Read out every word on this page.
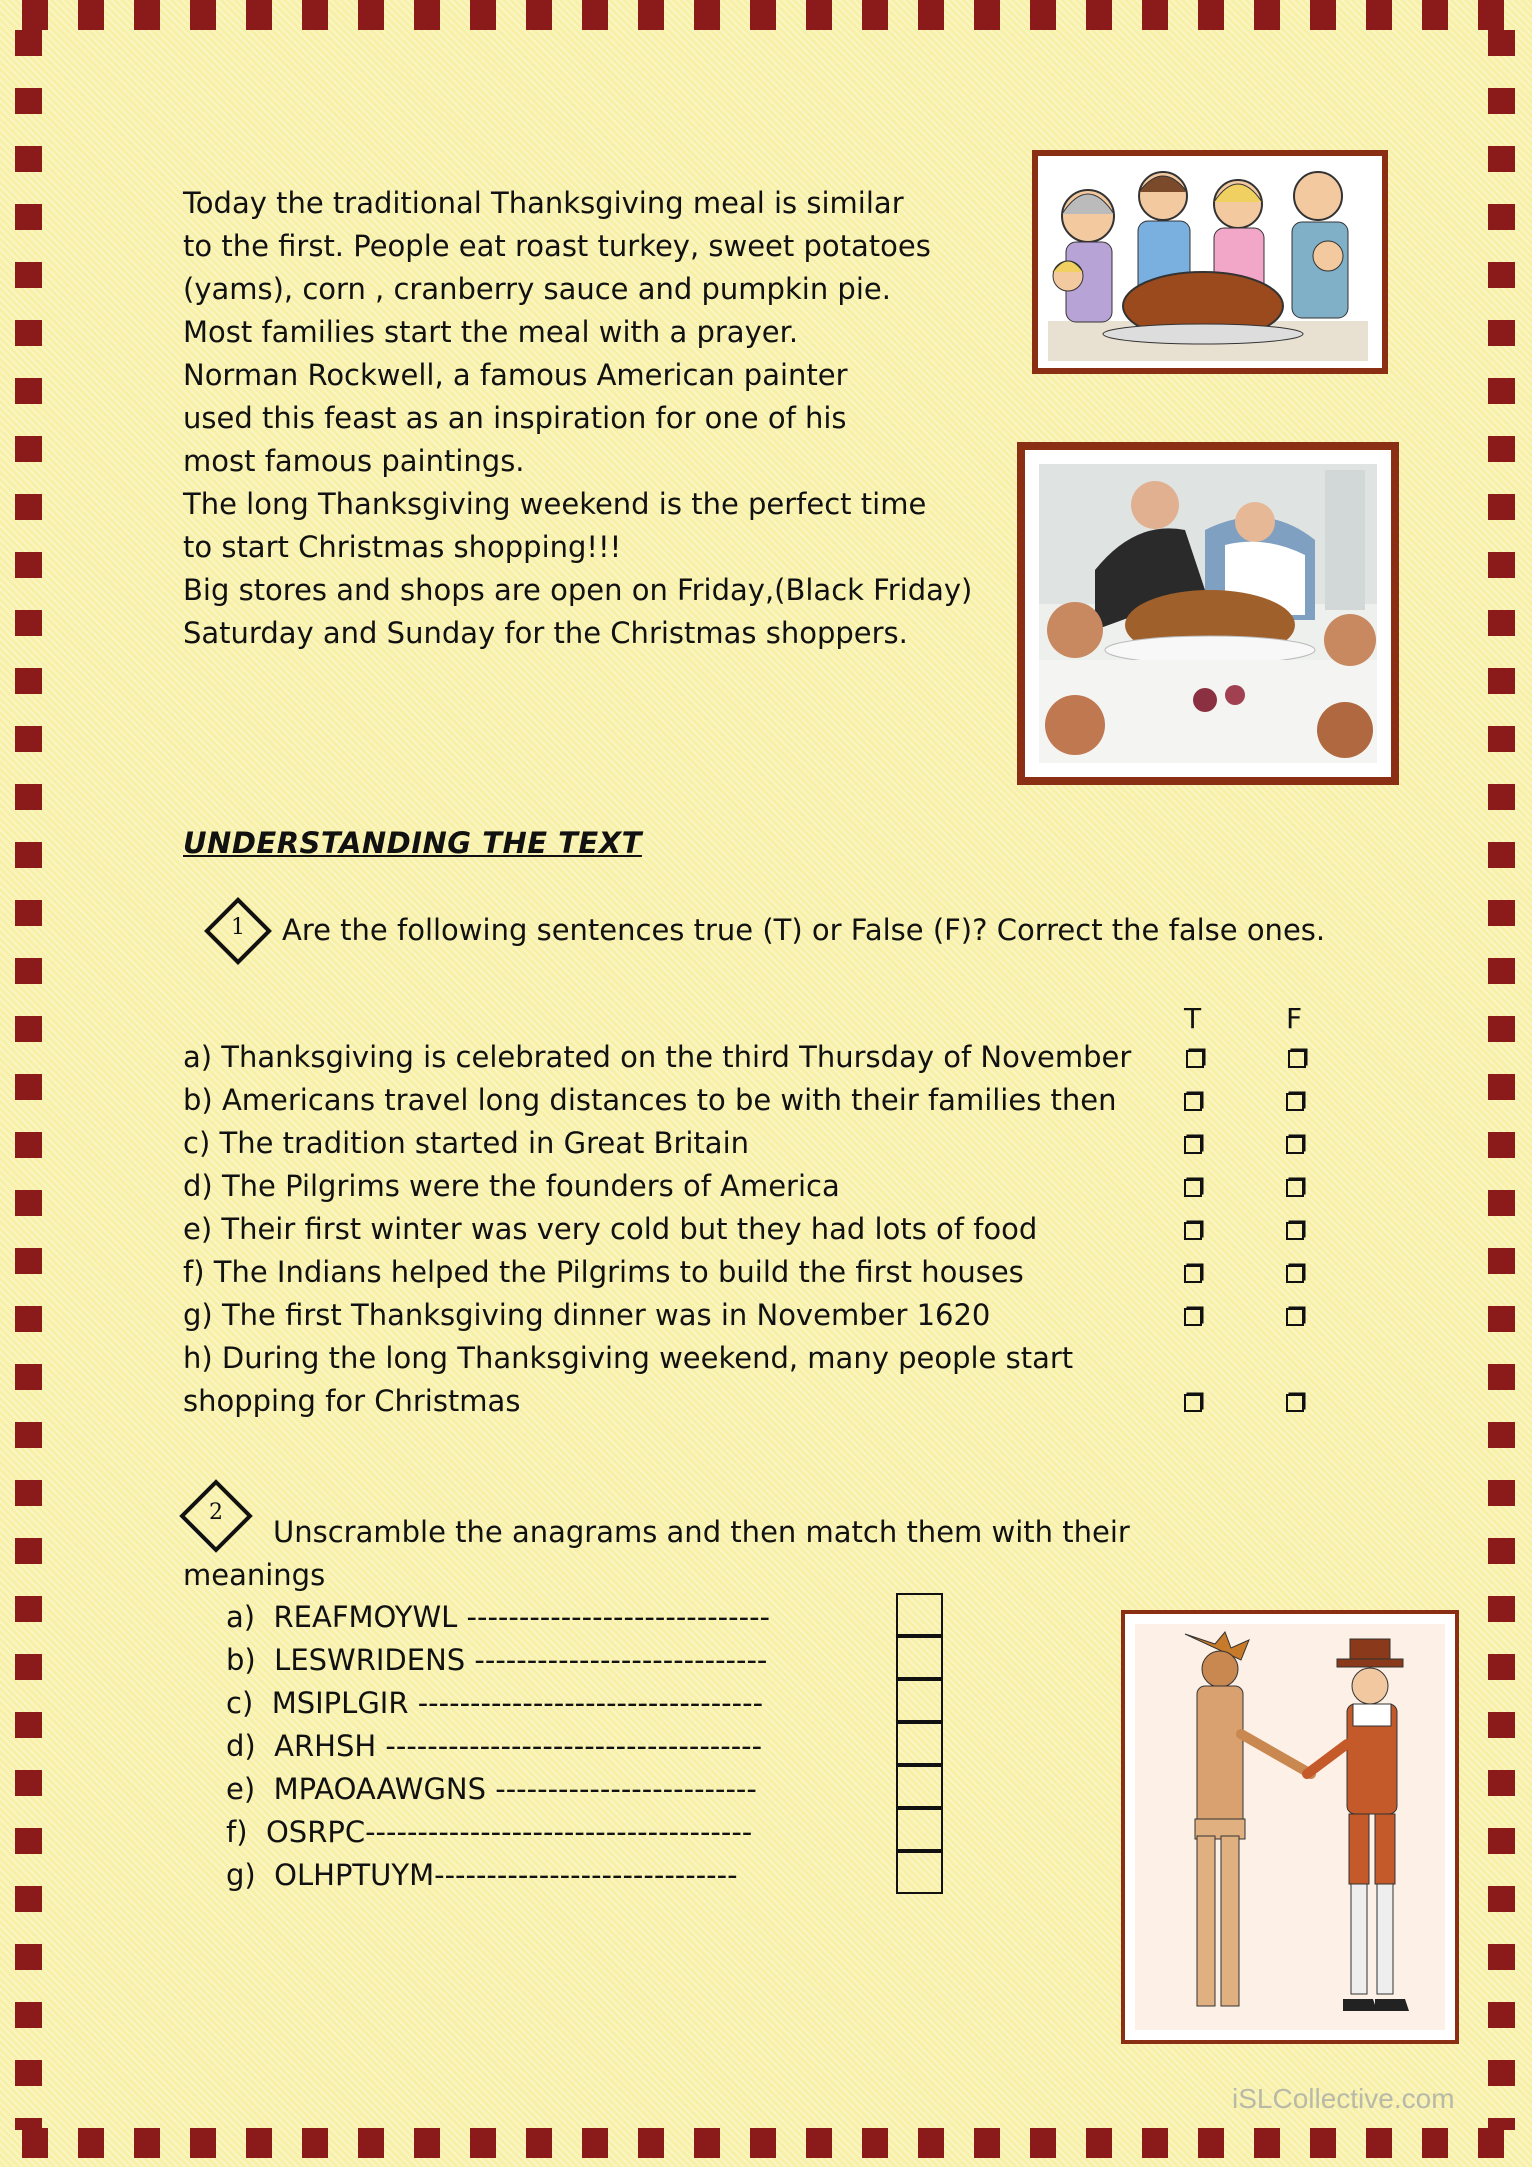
Today the traditional Thanksgiving meal is similar
to the first. People eat roast turkey, sweet potatoes
(yams), corn , cranberry sauce and pumpkin pie.
Most families start the meal with a prayer.
Norman Rockwell, a famous American painter
used this feast as an inspiration for one of his
most famous paintings.
The long Thanksgiving weekend is the perfect time
to start Christmas shopping!!!
Big stores and shops are open on Friday,(Black Friday)
Saturday and Sunday for the Christmas shoppers.
UNDERSTANDING THE TEXT
1 Are the following sentences true (T) or False (F)? Correct the false ones.
T	F
a) Thanksgiving is celebrated on the third Thursday of November
b) Americans travel long distances to be with their families then
c) The tradition started in Great Britain
d) The Pilgrims were the founders of America
e) Their first winter was very cold but they had lots of food
f) The Indians helped the Pilgrims to build the first houses
g) The first Thanksgiving dinner was in November 1620
h) During the long Thanksgiving weekend, many people start
shopping for Christmas
2
Unscramble the anagrams and then match them with their
meanings
a)  REAFMOYWL -----------------------------
b)  LESWRIDENS ----------------------------
c)  MSIPLGIR ---------------------------------
d)  ARHSH ------------------------------------
e)  MPAOAAWGNS -------------------------
f)  OSRPC-------------------------------------
g)  OLHPTUYM-----------------------------
iSLCollective.com
